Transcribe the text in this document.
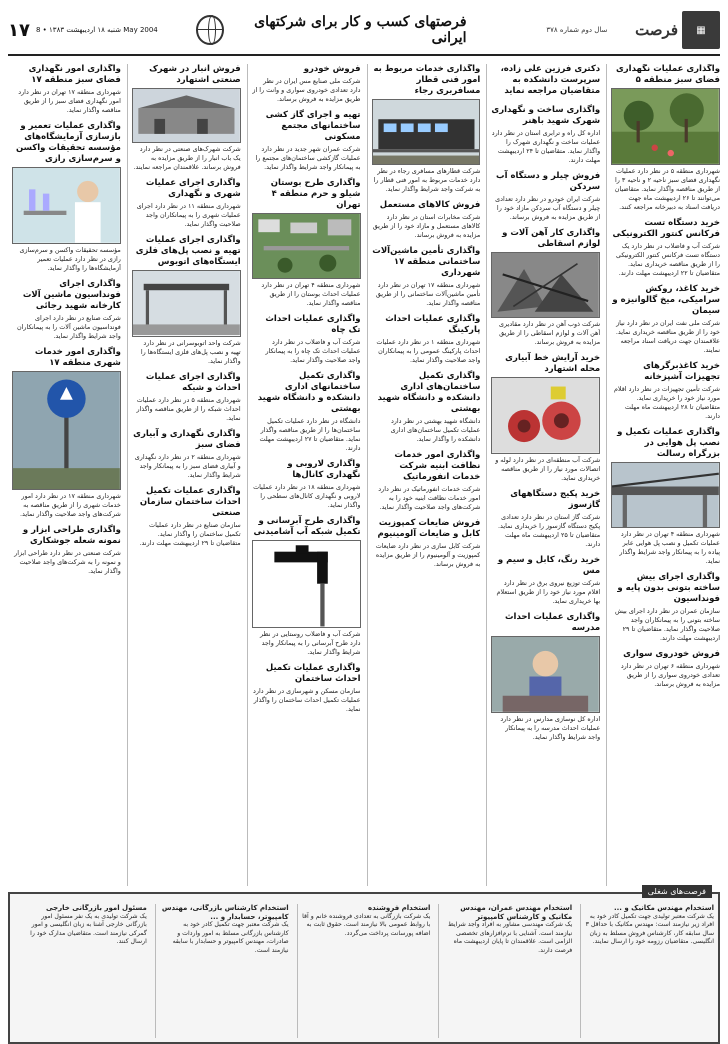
▦
فرصت
سال دوم شماره ۳۷۸
فرصتهای کسب و کار برای شرکتهای ایرانی
۱۷ شنبه ۱۸ اردیبهشت ۱۳۸۳ • 8 May 2004
واگذاری عملیات نگهداری فضای سبز منطقه ۵
شهرداری منطقه ۵ در نظر دارد عملیات نگهداری فضای سبز ناحیه ۲ و ناحیه ۳ را از طریق مناقصه واگذار نماید. متقاضیان می‌توانند تا ۲۶ اردیبهشت ماه جهت دریافت اسناد به دبیرخانه مراجعه کنند.
خرید دستگاه تست فرکانس کنتور الکترونیکی
شرکت آب و فاضلاب در نظر دارد یک دستگاه تست فرکانس کنتور الکترونیکی را از طریق مناقصه خریداری نماید. متقاضیان تا ۲۲ اردیبهشت مهلت دارند.
خرید کاغذ، روکش سرامیکی، میخ گالوانیزه و سیمان
شرکت ملی نفت ایران در نظر دارد نیاز خود را از طریق مناقصه خریداری نماید. علاقمندان جهت دریافت اسناد مراجعه نمایند.
خرید کاغذبرگرهای تجهیزات آشپزخانه
شرکت تأمین تجهیزات در نظر دارد اقلام مورد نیاز خود را خریداری نماید. متقاضیان تا ۲۸ اردیبهشت ماه مهلت دارند.
واگذاری عملیات تکمیل و نصب پل هوایی در بزرگراه رسالت
شهرداری منطقه ۴ تهران در نظر دارد عملیات تکمیل و نصب پل هوایی عابر پیاده را به پیمانکار واجد شرایط واگذار نماید.
واگذاری اجرای بیش ساخته بتونی بدون پایه و فونداسیون
سازمان عمران در نظر دارد اجرای بیش ساخته بتونی را به پیمانکاران واجد صلاحیت واگذار نماید. متقاضیان تا ۲۹ اردیبهشت مهلت دارند.
فروش خودروی سواری
شهرداری منطقه ۶ تهران در نظر دارد تعدادی خودروی سواری را از طریق مزایده به فروش برساند.
دکتری فرزین علی زاده، سرپرست دانشکده به متقاضیان مراجعه نماید
واگذاری ساخت و نگهداری شهرک شهید باهنر
اداره کل راه و ترابری استان در نظر دارد عملیات ساخت و نگهداری شهرک را واگذار نماید. متقاضیان تا ۲۴ اردیبهشت مهلت دارند.
فروش چیلر و دستگاه آب سردکن
شرکت ایران خودرو در نظر دارد تعدادی چیلر و دستگاه آب سردکن مازاد خود را از طریق مزایده به فروش برساند.
واگذاری کار آهن آلات و لوازم اسقاطی
شرکت ذوب آهن در نظر دارد مقادیری آهن آلات و لوازم اسقاطی را از طریق مزایده به فروش برساند.
خرید آرایش خط آبیاری محله اشتهارد
شرکت آب منطقه‌ای در نظر دارد لوله و اتصالات مورد نیاز را از طریق مناقصه خریداری نماید.
خرید پکیج دستگاههای گازسوز
شرکت گاز استان در نظر دارد تعدادی پکیج دستگاه گازسوز را خریداری نماید. متقاضیان تا ۲۵ اردیبهشت ماه مهلت دارند.
خرید رنگ، کابل و سیم و مس
شرکت توزیع نیروی برق در نظر دارد اقلام مورد نیاز خود را از طریق استعلام بها خریداری نماید.
واگذاری عملیات احداث مدرسه
اداره کل نوسازی مدارس در نظر دارد عملیات احداث مدرسه را به پیمانکار واجد شرایط واگذار نماید.
واگذاری خدمات مربوط به امور فنی قطار مسافربری رجاء
شرکت قطارهای مسافری رجاء در نظر دارد خدمات مربوط به امور فنی قطار را به شرکت واجد شرایط واگذار نماید.
فروش کالاهای مستعمل
شرکت مخابرات استان در نظر دارد کالاهای مستعمل و مازاد خود را از طریق مزایده به فروش برساند.
واگذاری تأمین ماشین‌آلات ساختمانی منطقه ۱۷ شهرداری
شهرداری منطقه ۱۷ تهران در نظر دارد تأمین ماشین‌آلات ساختمانی را از طریق مناقصه واگذار نماید.
واگذاری عملیات احداث پارکینگ
شهرداری منطقه ۱ در نظر دارد عملیات احداث پارکینگ عمومی را به پیمانکاران واجد صلاحیت واگذار نماید.
واگذاری تکمیل ساختمان‌های اداری دانشکده و دانشگاه شهید بهشتی
دانشگاه شهید بهشتی در نظر دارد عملیات تکمیل ساختمان‌های اداری دانشکده را واگذار نماید.
واگذاری امور خدمات نظافت ابنیه شرکت خدمات انفورماتیک
شرکت خدمات انفورماتیک در نظر دارد امور خدمات نظافت ابنیه خود را به شرکت‌های واجد صلاحیت واگذار نماید.
فروش ضایعات کمپوزیت کابل و ضایعات آلومینیوم
شرکت کابل سازی در نظر دارد ضایعات کمپوزیت و آلومینیوم را از طریق مزایده به فروش برساند.
فروش خودرو
شرکت ملی صنایع مس ایران در نظر دارد تعدادی خودروی سواری و وانت را از طریق مزایده به فروش برساند.
تهیه و اجرای گاز کشی ساختمانهای مجتمع مسکونی
شرکت عمران شهر جدید در نظر دارد عملیات گازکشی ساختمان‌های مجتمع را به پیمانکار واجد شرایط واگذار نماید.
واگذاری طرح بوستان شیلو و حرم منطقه ۴ تهران
شهرداری منطقه ۴ تهران در نظر دارد عملیات احداث بوستان را از طریق مناقصه واگذار نماید.
واگذاری عملیات احداث تک چاه
شرکت آب و فاضلاب در نظر دارد عملیات احداث تک چاه را به پیمانکار واجد صلاحیت واگذار نماید.
واگذاری تکمیل ساختمانهای اداری دانشکده و دانشگاه شهید بهشتی
دانشگاه در نظر دارد عملیات تکمیل ساختمان‌ها را از طریق مناقصه واگذار نماید. متقاضیان تا ۲۷ اردیبهشت مهلت دارند.
واگذاری لاروبی و نگهداری کانال‌ها
شهرداری منطقه ۱۸ در نظر دارد عملیات لاروبی و نگهداری کانال‌های سطحی را واگذار نماید.
واگذاری طرح آبرسانی و تکمیل شبکه آب آشامیدنی
شرکت آب و فاضلاب روستایی در نظر دارد طرح آبرسانی را به پیمانکار واجد شرایط واگذار نماید.
واگذاری عملیات تکمیل احداث ساختمان
سازمان مسکن و شهرسازی در نظر دارد عملیات تکمیل احداث ساختمان را واگذار نماید.
فروش انبار در شهرک صنعتی اشتهارد
شرکت شهرک‌های صنعتی در نظر دارد یک باب انبار را از طریق مزایده به فروش برساند. علاقمندان مراجعه نمایند.
واگذاری اجرای عملیات شهری و نگهداری
شهرداری منطقه ۱۱ در نظر دارد اجرای عملیات شهری را به پیمانکاران واجد صلاحیت واگذار نماید.
واگذاری اجرای عملیات تهیه و نصب پل‌های فلزی ایستگاه‌های اتوبوس
شرکت واحد اتوبوسرانی در نظر دارد تهیه و نصب پل‌های فلزی ایستگاه‌ها را واگذار نماید.
واگذاری اجرای عملیات احداث و شبکه
شهرداری منطقه ۵ در نظر دارد عملیات احداث شبکه را از طریق مناقصه واگذار نماید.
واگذاری نگهداری و آبیاری فضای سبز
شهرداری منطقه ۲ در نظر دارد نگهداری و آبیاری فضای سبز را به پیمانکار واجد شرایط واگذار نماید.
واگذاری عملیات تکمیل احداث ساختمان سازمان صنعتی
سازمان صنایع در نظر دارد عملیات تکمیل ساختمان را واگذار نماید. متقاضیان تا ۲۹ اردیبهشت مهلت دارند.
واگذاری امور نگهداری فضای سبز منطقه ۱۷
شهرداری منطقه ۱۷ تهران در نظر دارد امور نگهداری فضای سبز را از طریق مناقصه واگذار نماید.
واگذاری عملیات تعمیر و بازسازی آزمایشگاه‌های مؤسسه تحقیقات واکسن و سرم‌سازی رازی
مؤسسه تحقیقات واکسن و سرم‌سازی رازی در نظر دارد عملیات تعمیر آزمایشگاه‌ها را واگذار نماید.
واگذاری اجرای فونداسیون ماشین آلات کارخانه شهید رجائی
شرکت صنایع در نظر دارد اجرای فونداسیون ماشین آلات را به پیمانکاران واجد شرایط واگذار نماید.
واگذاری امور خدمات شهری منطقه ۱۷
شهرداری منطقه ۱۷ در نظر دارد امور خدمات شهری را از طریق مناقصه به شرکت‌های واجد صلاحیت واگذار نماید.
واگذاری طراحی ابزار و نمونه شعله جوشکاری
شرکت صنعتی در نظر دارد طراحی ابزار و نمونه را به شرکت‌های واجد صلاحیت واگذار نماید.
فرصت‌های شغلی
استخدام مهندس مکانیک و ...
یک شرکت معتبر تولیدی جهت تکمیل کادر خود به افراد زیر نیازمند است: مهندس مکانیک با حداقل ۳ سال سابقه کار، کارشناس فروش مسلط به زبان انگلیسی. متقاضیان رزومه خود را ارسال نمایند.
استخدام مهندس عمران، مهندس مکانیک و کارشناس کامپیوتر
یک شرکت مهندسی مشاور به افراد واجد شرایط نیازمند است. آشنایی با نرم‌افزارهای تخصصی الزامی است. علاقمندان تا پایان اردیبهشت ماه فرصت دارند.
استخدام فروشنده
یک شرکت بازرگانی به تعدادی فروشنده خانم و آقا با روابط عمومی بالا نیازمند است. حقوق ثابت به اضافه پورسانت پرداخت می‌گردد.
استخدام کارشناس بازرگانی، مهندس کامپیوتر، حسابدار و ...
یک شرکت معتبر جهت تکمیل کادر خود به کارشناس بازرگانی مسلط به امور واردات و صادرات، مهندس کامپیوتر و حسابدار با سابقه نیازمند است.
مسئول امور بازرگانی خارجی
یک شرکت تولیدی به یک نفر مسئول امور بازرگانی خارجی آشنا به زبان انگلیسی و امور گمرکی نیازمند است. متقاضیان مدارک خود را ارسال کنند.
